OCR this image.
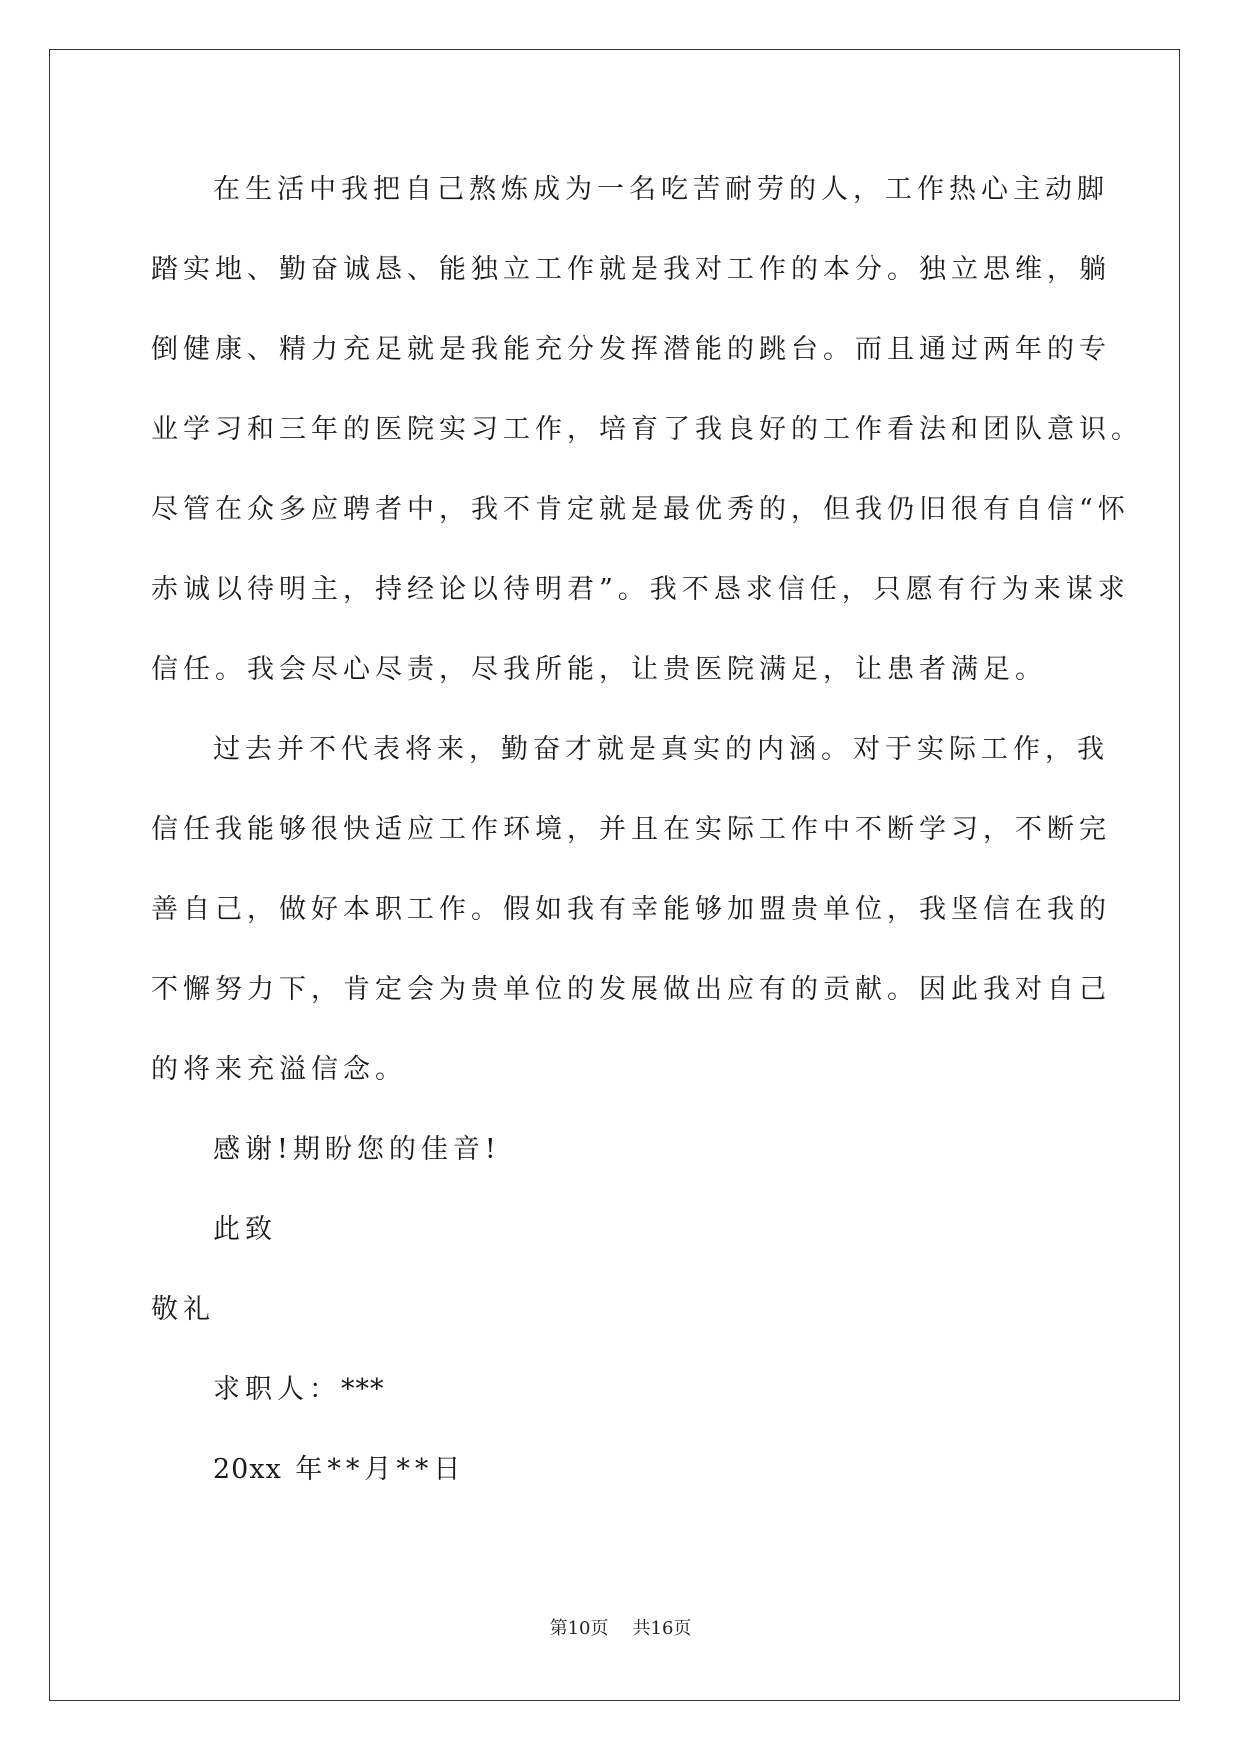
在生活中我把自己熬炼成为一名吃苦耐劳的人，工作热心主动脚
踏实地、勤奋诚恳、能独立工作就是我对工作的本分。独立思维，躺
倒健康、精力充足就是我能充分发挥潜能的跳台。而且通过两年的专
业学习和三年的医院实习工作，培育了我良好的工作看法和团队意识。
尽管在众多应聘者中，我不肯定就是最优秀的，但我仍旧很有自信“怀
赤诚以待明主，持经论以待明君”。我不恳求信任，只愿有行为来谋求
信任。我会尽心尽责，尽我所能，让贵医院满足，让患者满足。
过去并不代表将来，勤奋才就是真实的内涵。对于实际工作，我
信任我能够很快适应工作环境，并且在实际工作中不断学习，不断完
善自己，做好本职工作。假如我有幸能够加盟贵单位，我坚信在我的
不懈努力下，肯定会为贵单位的发展做出应有的贡献。因此我对自己
的将来充溢信念。
感谢!期盼您的佳音!
此致
敬礼
求职人：***
20xx 年**月**日
第10页 共16页
